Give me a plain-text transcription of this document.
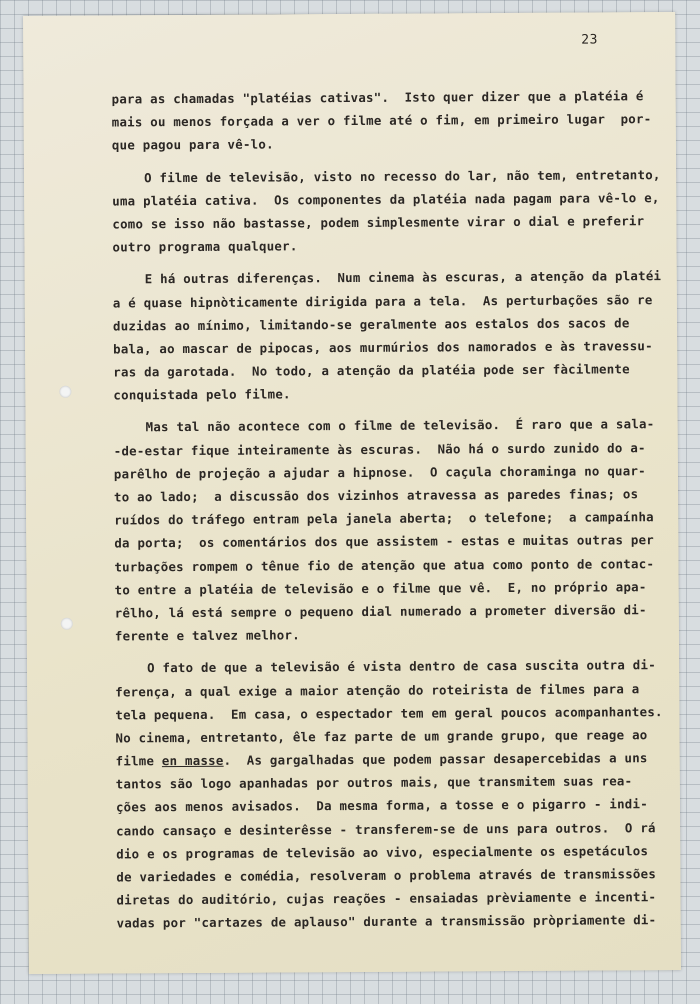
23
para as chamadas "platéias cativas".  Isto quer dizer que a platéia é
mais ou menos forçada a ver o filme até o fim, em primeiro lugar  por-
que pagou para vê-lo.
O filme de televisão, visto no recesso do lar, não tem, entretanto,
uma platéia cativa.  Os componentes da platéia nada pagam para vê-lo e,
como se isso não bastasse, podem simplesmente virar o dial e preferir
outro programa qualquer.
E há outras diferenças.  Num cinema às escuras, a atenção da platéi
a é quase hipnòticamente dirigida para a tela.  As perturbações são re
duzidas ao mínimo, limitando-se geralmente aos estalos dos sacos de
bala, ao mascar de pipocas, aos murmúrios dos namorados e às travessu-
ras da garotada.  No todo, a atenção da platéia pode ser fàcilmente
conquistada pelo filme.
Mas tal não acontece com o filme de televisão.  É raro que a sala-
-de-estar fique inteiramente às escuras.  Não há o surdo zunido do a-
parêlho de projeção a ajudar a hipnose.  O caçula choraminga no quar-
to ao lado;  a discussão dos vizinhos atravessa as paredes finas; os
ruídos do tráfego entram pela janela aberta;  o telefone;  a campaínha
da porta;  os comentários dos que assistem - estas e muitas outras per
turbações rompem o tênue fio de atenção que atua como ponto de contac-
to entre a platéia de televisão e o filme que vê.  E, no próprio apa-
rêlho, lá está sempre o pequeno dial numerado a prometer diversão di-
ferente e talvez melhor.
O fato de que a televisão é vista dentro de casa suscita outra di-
ferença, a qual exige a maior atenção do roteirista de filmes para a
tela pequena.  Em casa, o espectador tem em geral poucos acompanhantes.
No cinema, entretanto, êle faz parte de um grande grupo, que reage ao
filme en masse.  As gargalhadas que podem passar desapercebidas a uns
tantos são logo apanhadas por outros mais, que transmitem suas rea-
ções aos menos avisados.  Da mesma forma, a tosse e o pigarro - indi-
cando cansaço e desinterêsse - transferem-se de uns para outros.  O rá
dio e os programas de televisão ao vivo, especialmente os espetáculos
de variedades e comédia, resolveram o problema através de transmissões
diretas do auditório, cujas reações - ensaiadas prèviamente e incenti-
vadas por "cartazes de aplauso" durante a transmissão pròpriamente di-
